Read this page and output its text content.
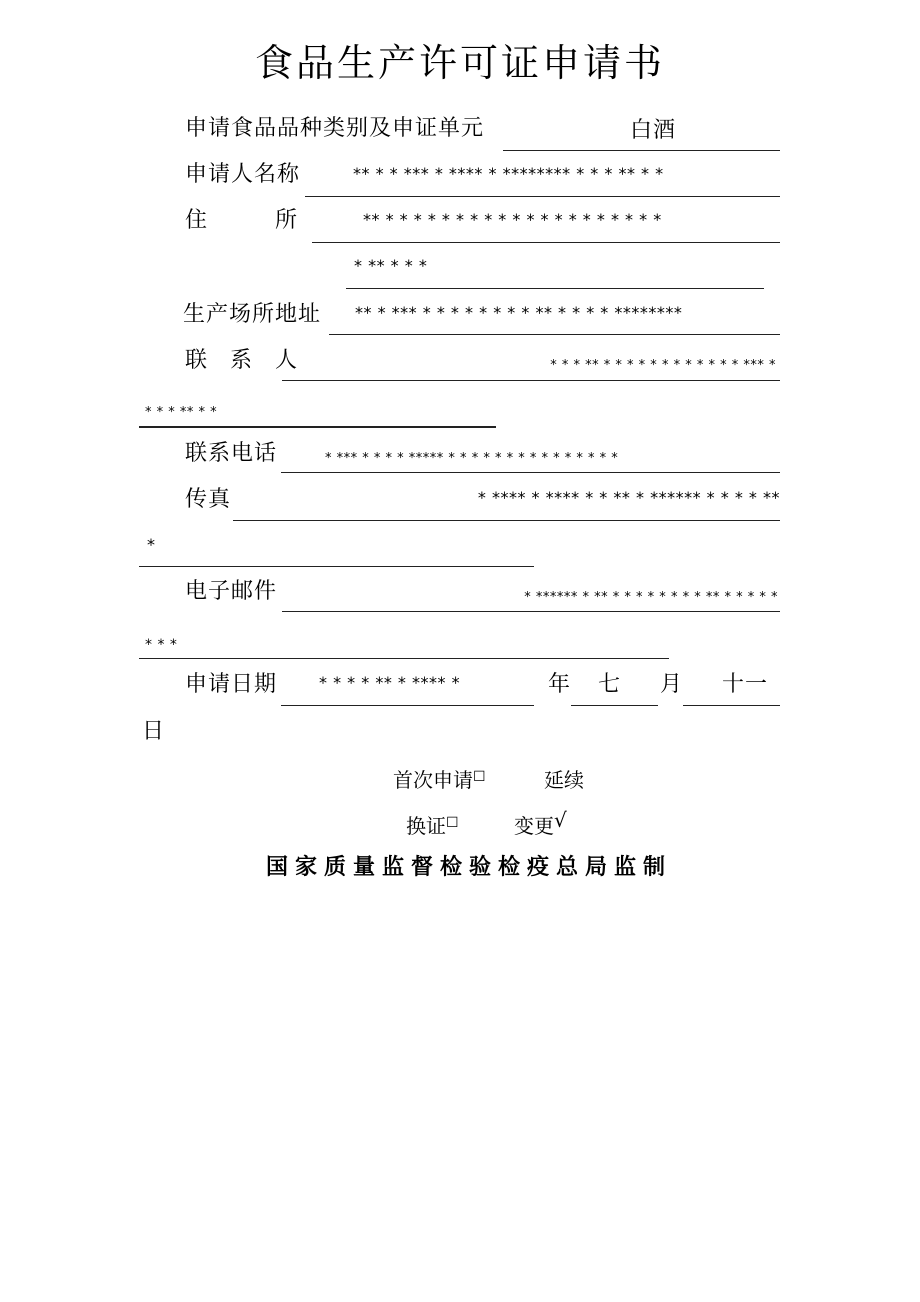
食品生产许可证申请书
申请食品品种类别及申证单元	白酒
申请人名称	** * * *** * **** * ******** * * * ** * *
住	所	** * * * * * * * * * * * * * * * * * * * *
* ** * * *
生产场所地址 ** * *** * * * * * * * * ** * * * * ********
联 系 人	* * * ** * * * * * * * * * * * * *** *
* * * ** * *
联系电话	* *** * * * * ***** * * * * * * * * * * * * * * *
传真	* **** * **** * * ** * ****** * * * * **
*
电子邮件	* ****** * ** * * * * * * * * ** * * * * *
* * *
申请日期	* * * * ** * **** *	年 七 月 十一
日
首次申请☐	延续
换证☐	变更√
国家质量监督检验检疫总局监制
